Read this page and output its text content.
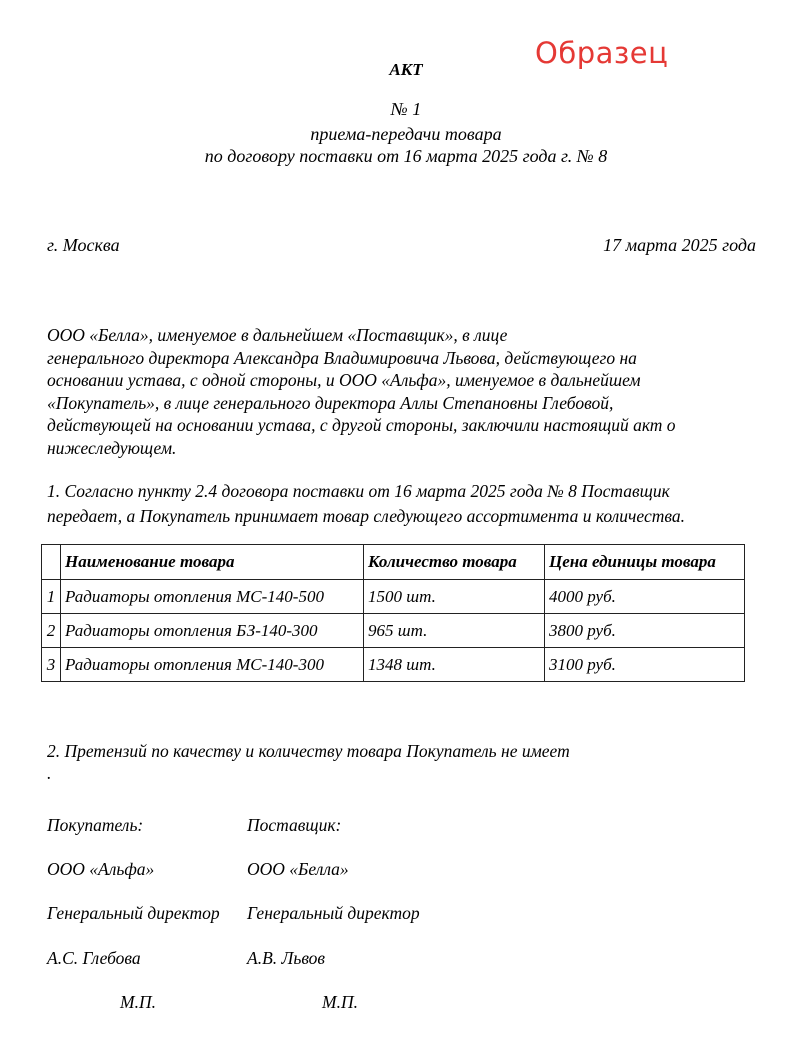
Образец
АКТ
№ 1
приема-передачи товара
по договору поставки от 16 марта 2025 года г. № 8
г. Москва	17 марта 2025 года
ООО «Белла», именуемое в дальнейшем «Поставщик», в лице
генерального директора Александра Владимировича Львова, действующего на
основании устава, с одной стороны, и ООО «Альфа», именуемое в дальнейшем
«Покупатель», в лице генерального директора Аллы Степановны Глебовой,
действующей на основании устава, с другой стороны, заключили настоящий акт о
нижеследующем.
1. Согласно пункту 2.4 договора поставки от 16 марта 2025 года № 8 Поставщик
передает, а Покупатель принимает товар следующего ассортимента и количества.
	Наименование товара	Количество товара	Цена единицы товара
1	Радиаторы отопления МС-140-500	1500 шт.	4000 руб.
2	Радиаторы отопления БЗ-140-300	965 шт.	3800 руб.
3	Радиаторы отопления МС-140-300	1348 шт.	3100 руб.
2. Претензий по качеству и количеству товара Покупатель не имеет
.
Покупатель:	Поставщик:
ООО «Альфа»	ООО «Белла»
Генеральный директор Генеральный директор
А.С. Глебова	А.В. Львов
М.П.	М.П.
